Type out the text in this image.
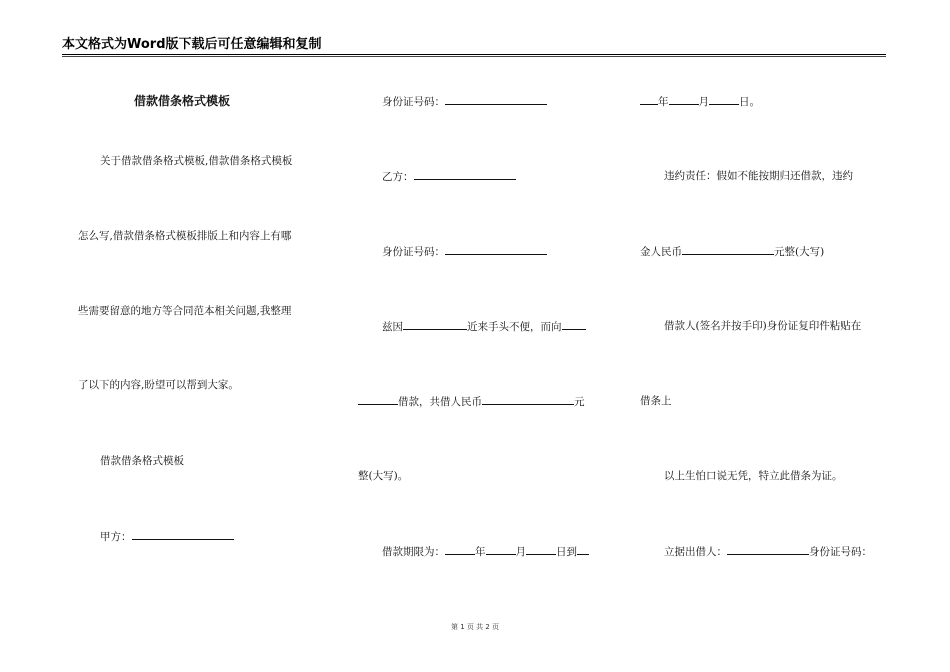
本文格式为Word版下载后可任意编辑和复制
借款借条格式模板
关于借款借条格式模板,借款借条格式模板
怎么写,借款借条格式模板排版上和内容上有哪
些需要留意的地方等合同范本相关问题,我整理
了以下的内容,盼望可以帮到大家。
借款借条格式模板
甲方：
身份证号码：
乙方：
身份证号码：
兹因	近来手头不便，而向
借款，共借人民币	元
整(大写)。
借款期限为：	年	月	日到
年	月	日。
违约责任：假如不能按期归还借款，违约
金人民币	元整(大写)
借款人(签名并按手印)身份证复印件粘贴在
借条上
以上生怕口说无凭，特立此借条为证。
立据出借人：	身份证号码：
第 1 页 共 2 页
